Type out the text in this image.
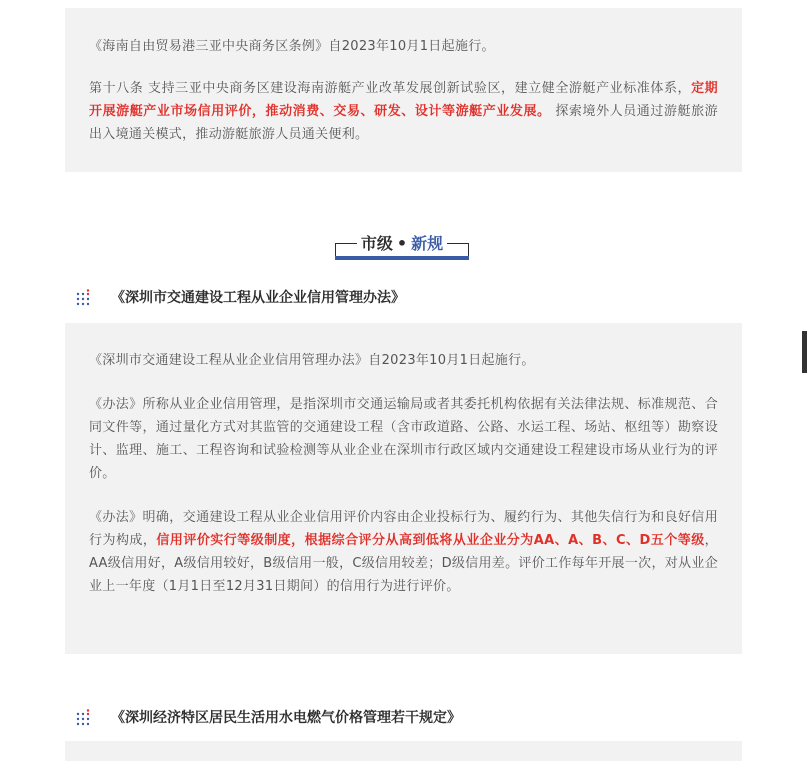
《海南自由贸易港三亚中央商务区条例》自2023年10月1日起施行。

第十八条 支持三亚中央商务区建设海南游艇产业改革发展创新试验区，建立健全游艇产业标准体系，定期开展游艇产业市场信用评价，推动消费、交易、研发、设计等游艇产业发展。 探索境外人员通过游艇旅游出入境通关模式，推动游艇旅游人员通关便利。

市级 • 新规
《深圳市交通建设工程从业企业信用管理办法》

《深圳市交通建设工程从业企业信用管理办法》自2023年10月1日起施行。

《办法》所称从业企业信用管理，是指深圳市交通运输局或者其委托机构依据有关法律法规、标准规范、合同文件等，通过量化方式对其监管的交通建设工程（含市政道路、公路、水运工程、场站、枢纽等）勘察设计、监理、施工、工程咨询和试验检测等从业企业在深圳市行政区域内交通建设工程建设市场从业行为的评价。

《办法》明确，交通建设工程从业企业信用评价内容由企业投标行为、履约行为、其他失信行为和良好信用行为构成，信用评价实行等级制度，根据综合评分从高到低将从业企业分为AA、A、B、C、D五个等级，AA级信用好，A级信用较好，B级信用一般，C级信用较差；D级信用差。评价工作每年开展一次，对从业企业上一年度（1月1日至12月31日期间）的信用行为进行评价。

《深圳经济特区居民生活用水电燃气价格管理若干规定》
